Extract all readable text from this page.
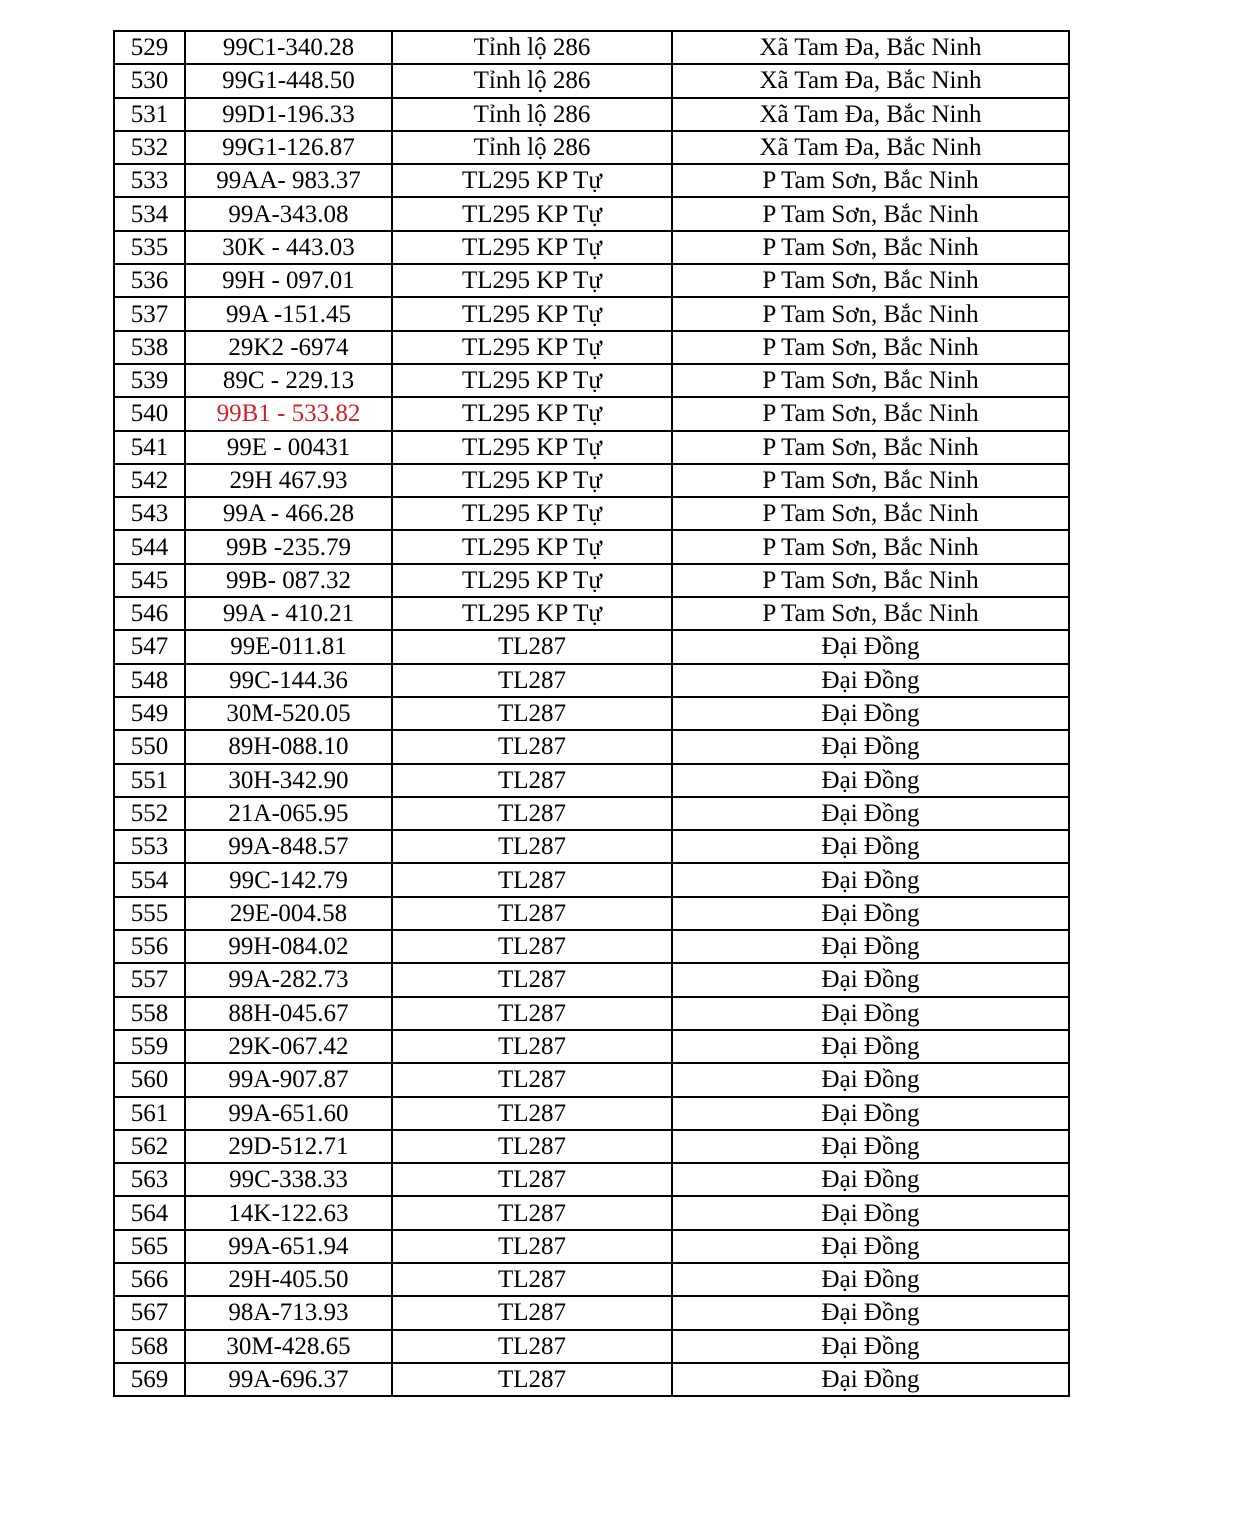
529	99C1-340.28	Tỉnh lộ 286	Xã Tam Đa, Bắc Ninh
530	99G1-448.50	Tỉnh lộ 286	Xã Tam Đa, Bắc Ninh
531	99D1-196.33	Tỉnh lộ 286	Xã Tam Đa, Bắc Ninh
532	99G1-126.87	Tỉnh lộ 286	Xã Tam Đa, Bắc Ninh
533	99AA- 983.37	TL295 KP Tự	P Tam Sơn, Bắc Ninh
534	99A-343.08	TL295 KP Tự	P Tam Sơn, Bắc Ninh
535	30K - 443.03	TL295 KP Tự	P Tam Sơn, Bắc Ninh
536	99H - 097.01	TL295 KP Tự	P Tam Sơn, Bắc Ninh
537	99A -151.45	TL295 KP Tự	P Tam Sơn, Bắc Ninh
538	29K2 -6974	TL295 KP Tự	P Tam Sơn, Bắc Ninh
539	89C - 229.13	TL295 KP Tự	P Tam Sơn, Bắc Ninh
540	99B1 - 533.82	TL295 KP Tự	P Tam Sơn, Bắc Ninh
541	99E - 00431	TL295 KP Tự	P Tam Sơn, Bắc Ninh
542	29H 467.93	TL295 KP Tự	P Tam Sơn, Bắc Ninh
543	99A - 466.28	TL295 KP Tự	P Tam Sơn, Bắc Ninh
544	99B -235.79	TL295 KP Tự	P Tam Sơn, Bắc Ninh
545	99B- 087.32	TL295 KP Tự	P Tam Sơn, Bắc Ninh
546	99A - 410.21	TL295 KP Tự	P Tam Sơn, Bắc Ninh
547	99E-011.81	TL287	Đại Đồng
548	99C-144.36	TL287	Đại Đồng
549	30M-520.05	TL287	Đại Đồng
550	89H-088.10	TL287	Đại Đồng
551	30H-342.90	TL287	Đại Đồng
552	21A-065.95	TL287	Đại Đồng
553	99A-848.57	TL287	Đại Đồng
554	99C-142.79	TL287	Đại Đồng
555	29E-004.58	TL287	Đại Đồng
556	99H-084.02	TL287	Đại Đồng
557	99A-282.73	TL287	Đại Đồng
558	88H-045.67	TL287	Đại Đồng
559	29K-067.42	TL287	Đại Đồng
560	99A-907.87	TL287	Đại Đồng
561	99A-651.60	TL287	Đại Đồng
562	29D-512.71	TL287	Đại Đồng
563	99C-338.33	TL287	Đại Đồng
564	14K-122.63	TL287	Đại Đồng
565	99A-651.94	TL287	Đại Đồng
566	29H-405.50	TL287	Đại Đồng
567	98A-713.93	TL287	Đại Đồng
568	30M-428.65	TL287	Đại Đồng
569	99A-696.37	TL287	Đại Đồng
